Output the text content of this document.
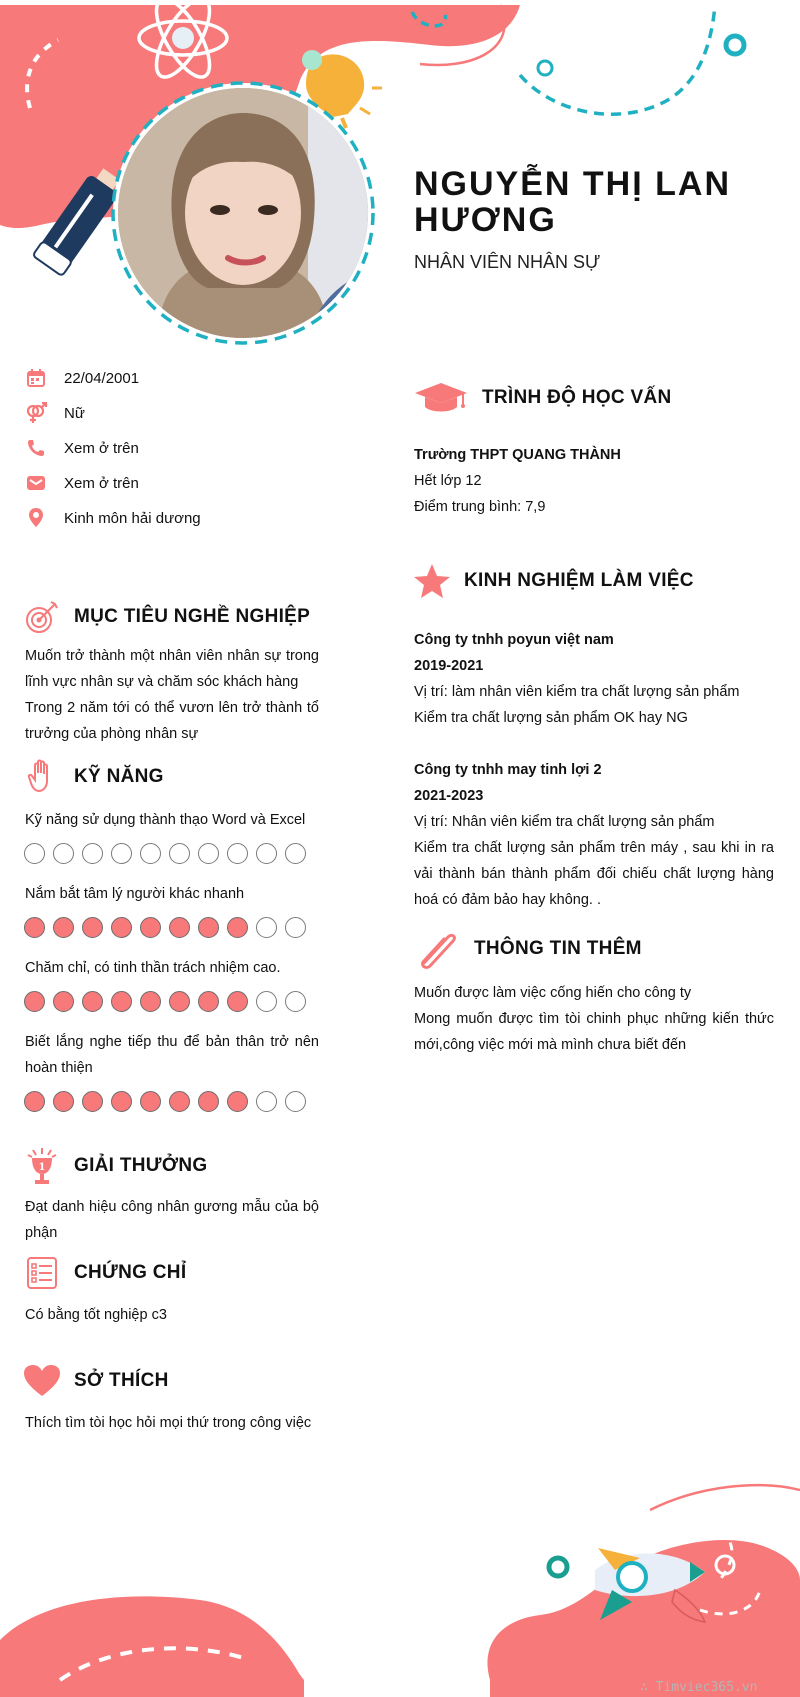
NGUYỄN THỊ LAN HƯƠNG
NHÂN VIÊN NHÂN SỰ
22/04/2001
Nữ
Xem ở trên
Xem ở trên
Kinh môn hải dương
MỤC TIÊU NGHỀ NGHIỆP
Muốn trở thành một nhân viên nhân sự trong lĩnh vực nhân sự và chăm sóc khách hàng
Trong 2 năm tới có thể vươn lên trở thành tổ trưởng của phòng nhân sự
KỸ NĂNG
Kỹ năng sử dụng thành thạo Word và Excel
Nắm bắt tâm lý người khác nhanh
Chăm chỉ, có tinh thần trách nhiệm cao.
Biết lắng nghe tiếp thu để bản thân trở nên hoàn thiện
1 GIẢI THƯỞNG
Đạt danh hiệu công nhân gương mẫu của bộ phận
CHỨNG CHỈ
Có bằng tốt nghiệp c3
SỞ THÍCH
Thích tìm tòi học hỏi mọi thứ trong công việc
TRÌNH ĐỘ HỌC VẤN
Trường THPT QUANG THÀNH
Hết lớp 12
Điểm trung bình: 7,9
KINH NGHIỆM LÀM VIỆC
Công ty tnhh poyun việt nam
2019-2021
Vị trí: làm nhân viên kiểm tra chất lượng sản phẩm
Kiểm tra chất lượng sản phẩm OK hay NG
Công ty tnhh may tinh lợi 2
2021-2023
Vị trí: Nhân viên kiểm tra chất lượng sản phẩm
Kiểm tra chất lượng sản phẩm trên máy , sau khi in ra vải thành bán thành phẩm đối chiếu chất lượng hàng hoá có đảm bảo hay không. .
THÔNG TIN THÊM
Muốn được làm việc cống hiến cho công ty
Mong muốn được tìm tòi chinh phục những kiến thức mới,công việc mới mà mình chưa biết đến
∴ Timviec365.vn
